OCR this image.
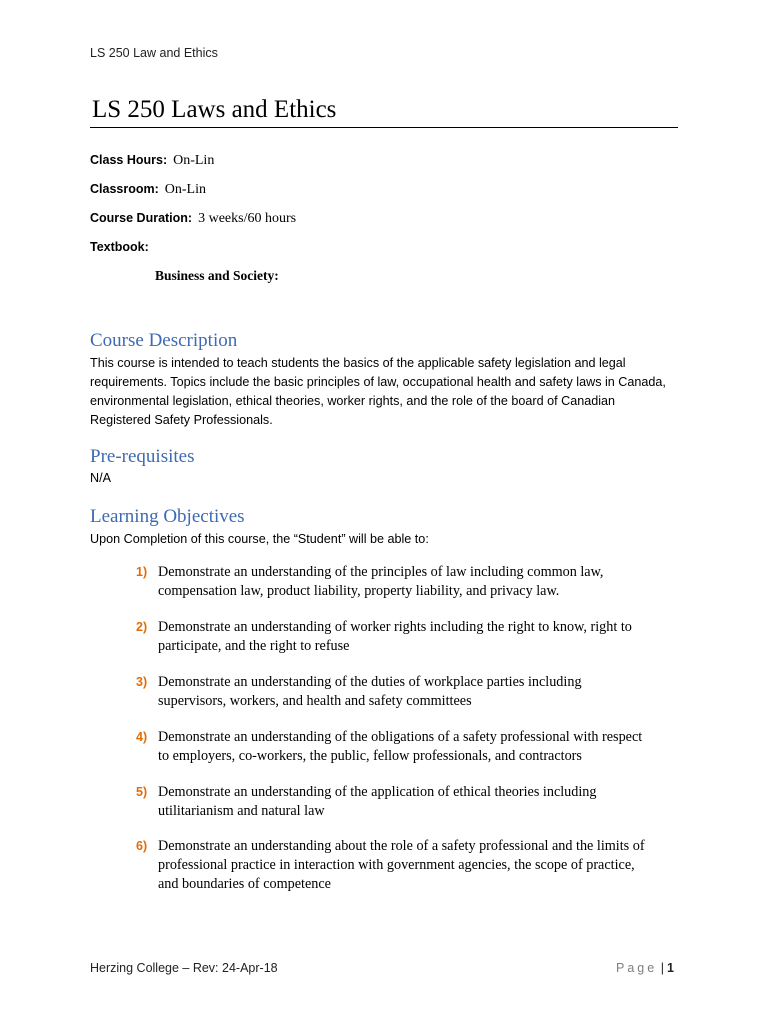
LS 250 Law and Ethics
LS 250 Laws and Ethics
Class Hours: On-Lin
Classroom: On-Lin
Course Duration: 3 weeks/60 hours
Textbook:
Business and Society:
Course Description
This course is intended to teach students the basics of the applicable safety legislation and legal
requirements. Topics include the basic principles of law, occupational health and safety laws in Canada,
environmental legislation, ethical theories, worker rights, and the role of the board of Canadian
Registered Safety Professionals.
Pre-requisites
N/A
Learning Objectives
Upon Completion of this course, the “Student” will be able to:
1) Demonstrate an understanding of the principles of law including common law,
compensation law, product liability, property liability, and privacy law.
2) Demonstrate an understanding of worker rights including the right to know, right to
participate, and the right to refuse
3) Demonstrate an understanding of the duties of workplace parties including
supervisors, workers, and health and safety committees
4) Demonstrate an understanding of the obligations of a safety professional with respect
to employers, co-workers, the public, fellow professionals, and contractors
5) Demonstrate an understanding of the application of ethical theories including
utilitarianism and natural law
6) Demonstrate an understanding about the role of a safety professional and the limits of
professional practice in interaction with government agencies, the scope of practice,
and boundaries of competence
Herzing College – Rev: 24-Apr-18	Page | 1
